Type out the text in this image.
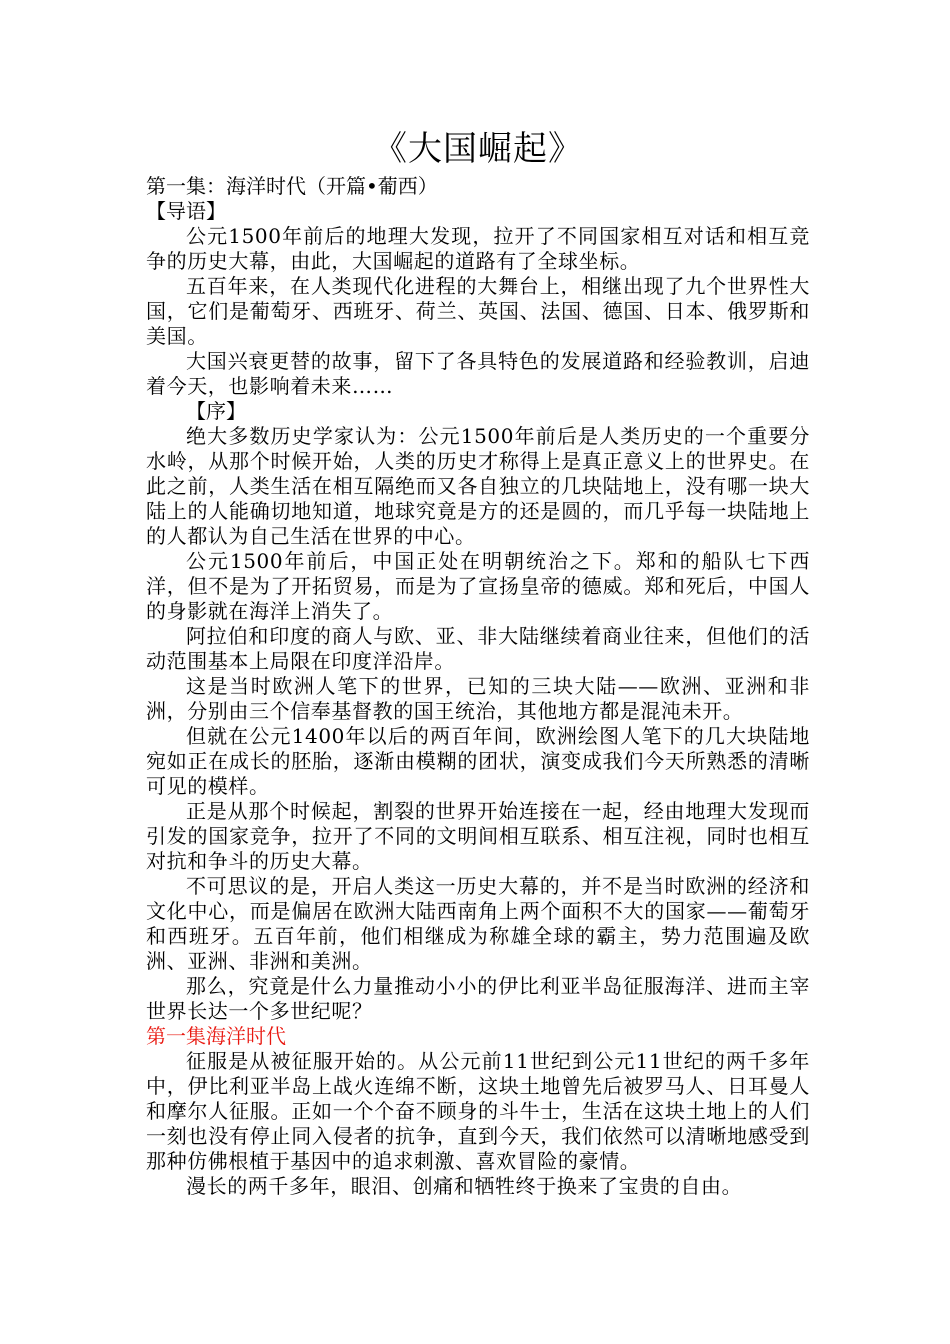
《大国崛起》

第一集：海洋时代（开篇•葡西）

【导语】

公元1500年前后的地理大发现，拉开了不同国家相互对话和相互竞争的历史大幕，由此，大国崛起的道路有了全球坐标。

五百年来，在人类现代化进程的大舞台上，相继出现了九个世界性大国，它们是葡萄牙、西班牙、荷兰、英国、法国、德国、日本、俄罗斯和美国。

大国兴衰更替的故事，留下了各具特色的发展道路和经验教训，启迪着今天，也影响着未来……

【序】

绝大多数历史学家认为：公元1500年前后是人类历史的一个重要分水岭，从那个时候开始，人类的历史才称得上是真正意义上的世界史。在此之前，人类生活在相互隔绝而又各自独立的几块陆地上，没有哪一块大陆上的人能确切地知道，地球究竟是方的还是圆的，而几乎每一块陆地上的人都认为自己生活在世界的中心。

公元1500年前后，中国正处在明朝统治之下。郑和的船队七下西洋，但不是为了开拓贸易，而是为了宣扬皇帝的德威。郑和死后，中国人的身影就在海洋上消失了。

阿拉伯和印度的商人与欧、亚、非大陆继续着商业往来，但他们的活动范围基本上局限在印度洋沿岸。

这是当时欧洲人笔下的世界，已知的三块大陆——欧洲、亚洲和非洲，分别由三个信奉基督教的国王统治，其他地方都是混沌未开。

但就在公元1400年以后的两百年间，欧洲绘图人笔下的几大块陆地宛如正在成长的胚胎，逐渐由模糊的团状，演变成我们今天所熟悉的清晰可见的模样。

正是从那个时候起，割裂的世界开始连接在一起，经由地理大发现而引发的国家竞争，拉开了不同的文明间相互联系、相互注视，同时也相互对抗和争斗的历史大幕。

不可思议的是，开启人类这一历史大幕的，并不是当时欧洲的经济和文化中心，而是偏居在欧洲大陆西南角上两个面积不大的国家——葡萄牙和西班牙。五百年前，他们相继成为称雄全球的霸主，势力范围遍及欧洲、亚洲、非洲和美洲。

那么，究竟是什么力量推动小小的伊比利亚半岛征服海洋、进而主宰世界长达一个多世纪呢？

第一集海洋时代

征服是从被征服开始的。从公元前11世纪到公元11世纪的两千多年中，伊比利亚半岛上战火连绵不断，这块土地曾先后被罗马人、日耳曼人和摩尔人征服。正如一个个奋不顾身的斗牛士，生活在这块土地上的人们一刻也没有停止同入侵者的抗争，直到今天，我们依然可以清晰地感受到那种仿佛根植于基因中的追求刺激、喜欢冒险的豪情。

漫长的两千多年，眼泪、创痛和牺牲终于换来了宝贵的自由。
